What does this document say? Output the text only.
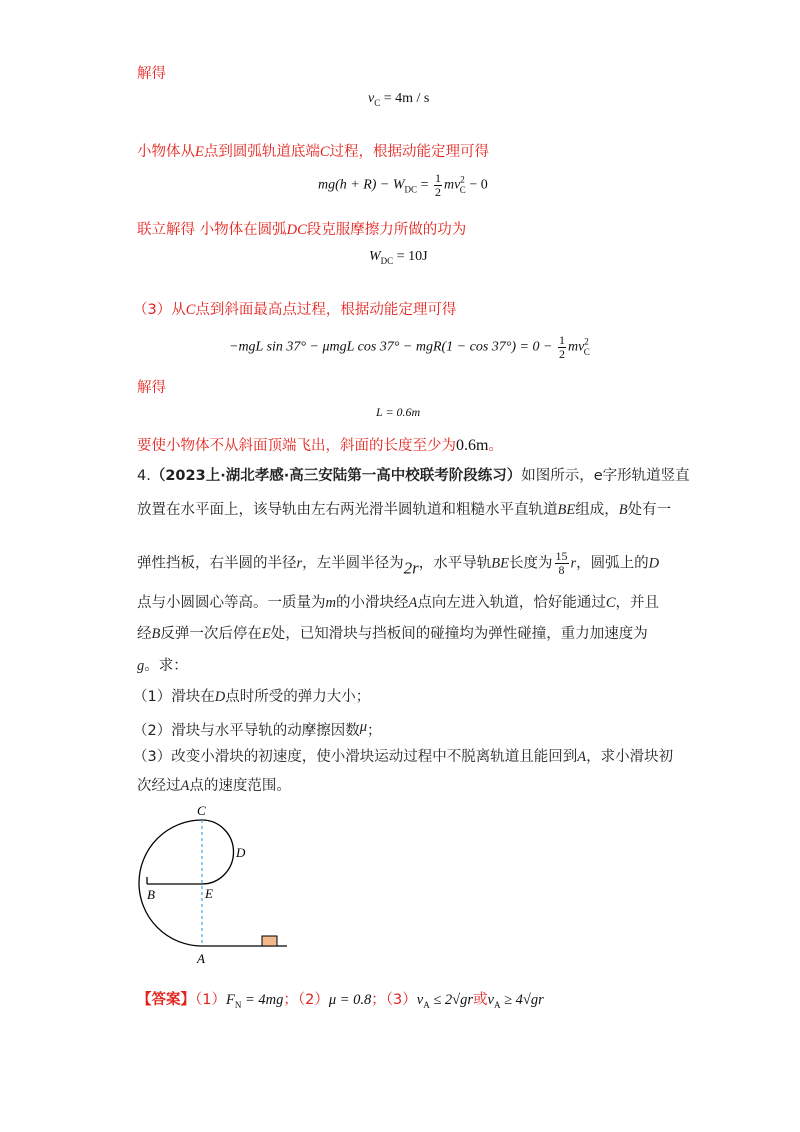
解得
$v_C = 4m / s$
小物体从E点到圆弧轨道底端C过程，根据动能定理可得
$mg(h + R) - W_{DC} = \frac{1}{2} mv^2_C - 0$
联立解得 小物体在圆弧DC段克服摩擦力所做的功为
$W_{DC} = 10J$
（3）从C点到斜面最高点过程，根据动能定理可得
−mgL sin 37° − μmgL $\cos 37^\circ - mgR(1 - \cos 37^\circ) = 0 - \frac{1}{2} mv^2_C$
解得
L = 0.6m
要使小物体不从斜面顶端飞出，斜面的长度至少为0.6m。
4.（2023上·湖北孝感·高三安陆第一高中校联考阶段练习）如图所示，e字形轨道竖直
放置在水平面上，该导轨由左右两光滑半圆轨道和粗糙水平直轨道BE组成，B处有一
弹性挡板，右半圆的半径r，左半圆半径为2r，水平导轨BE长度为 $\frac{15}{8}$ r，圆弧上的D
点与小圆圆心等高。一质量为m的小滑块经A点向左进入轨道，恰好能通过C，并且
经B反弹一次后停在E处，已知滑块与挡板间的碰撞均为弹性碰撞，重力加速度为
g。求：
（1）滑块在D点时所受的弹力大小；
（2）滑块与水平导轨的动摩擦因数μ；
（3）改变小滑块的初速度，使小滑块运动过程中不脱离轨道且能回到A，求小滑块初
次经过A点的速度范围。
C
D
B	E
A
【答案】$(1)F_N = 4mg$；（2）μ = 0.8；$(3)v_A \le 2√gr$或$v_A \ge 4√gr$
